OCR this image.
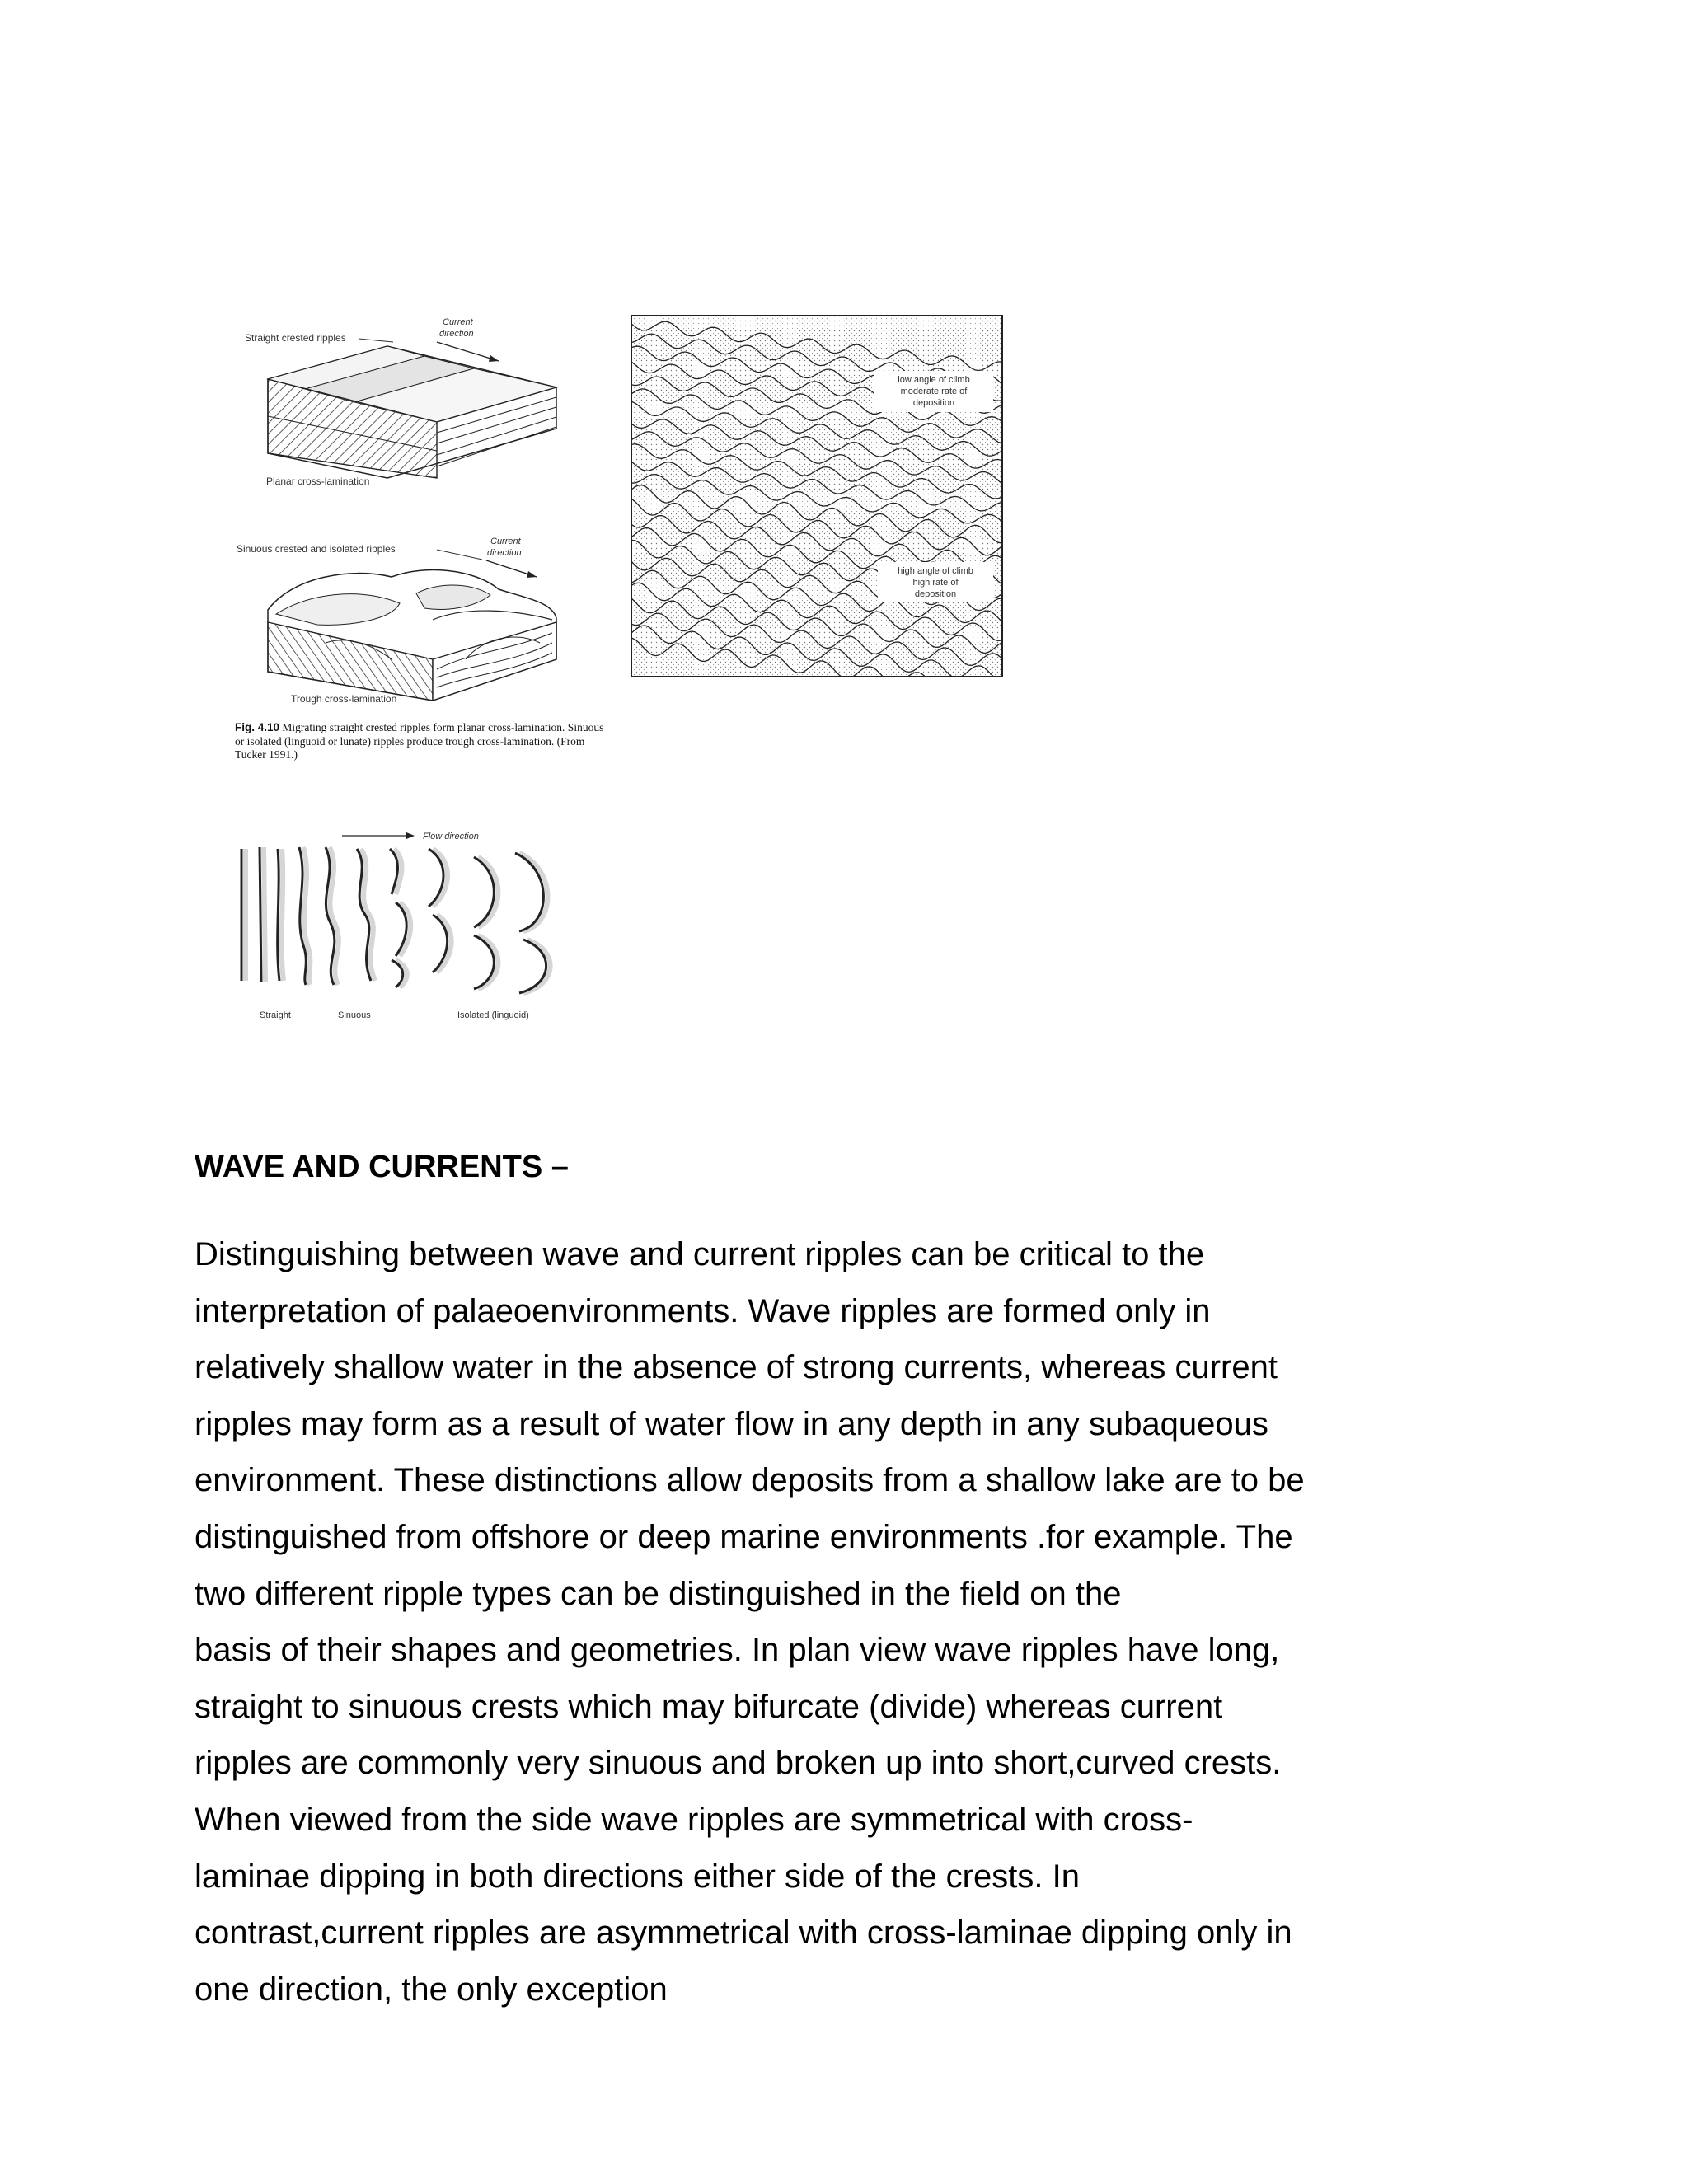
Straight crested ripples
Current
direction
Planar cross-lamination
Sinuous crested and isolated ripples
Current
direction
Trough cross-lamination
Fig. 4.10 Migrating straight crested ripples form planar cross-lamination. Sinuous or isolated (linguoid or lunate) ripples produce trough cross-lamination. (From Tucker 1991.)
low angle of climb
moderate rate of
deposition
high angle of climb
high rate of
deposition
Flow direction
Straight	Sinuous	Isolated (linguoid)
WAVE AND CURRENTS –
Distinguishing between wave and current ripples can be critical to the
interpretation of palaeoenvironments. Wave ripples are formed only in
relatively shallow water in the absence of strong currents, whereas current
ripples may form as a result of water flow in any depth in any subaqueous
environment. These distinctions allow deposits from a shallow lake are to be
distinguished from offshore or deep marine environments .for example. The
two different ripple types can be distinguished in the field on the
basis of their shapes and geometries. In plan view wave ripples have long,
straight to sinuous crests which may bifurcate (divide) whereas current
ripples are commonly very sinuous and broken up into short,curved crests.
When viewed from the side wave ripples are symmetrical with cross-
laminae dipping in both directions either side of the crests. In
contrast,current ripples are asymmetrical with cross-laminae dipping only in
one direction, the only exception
